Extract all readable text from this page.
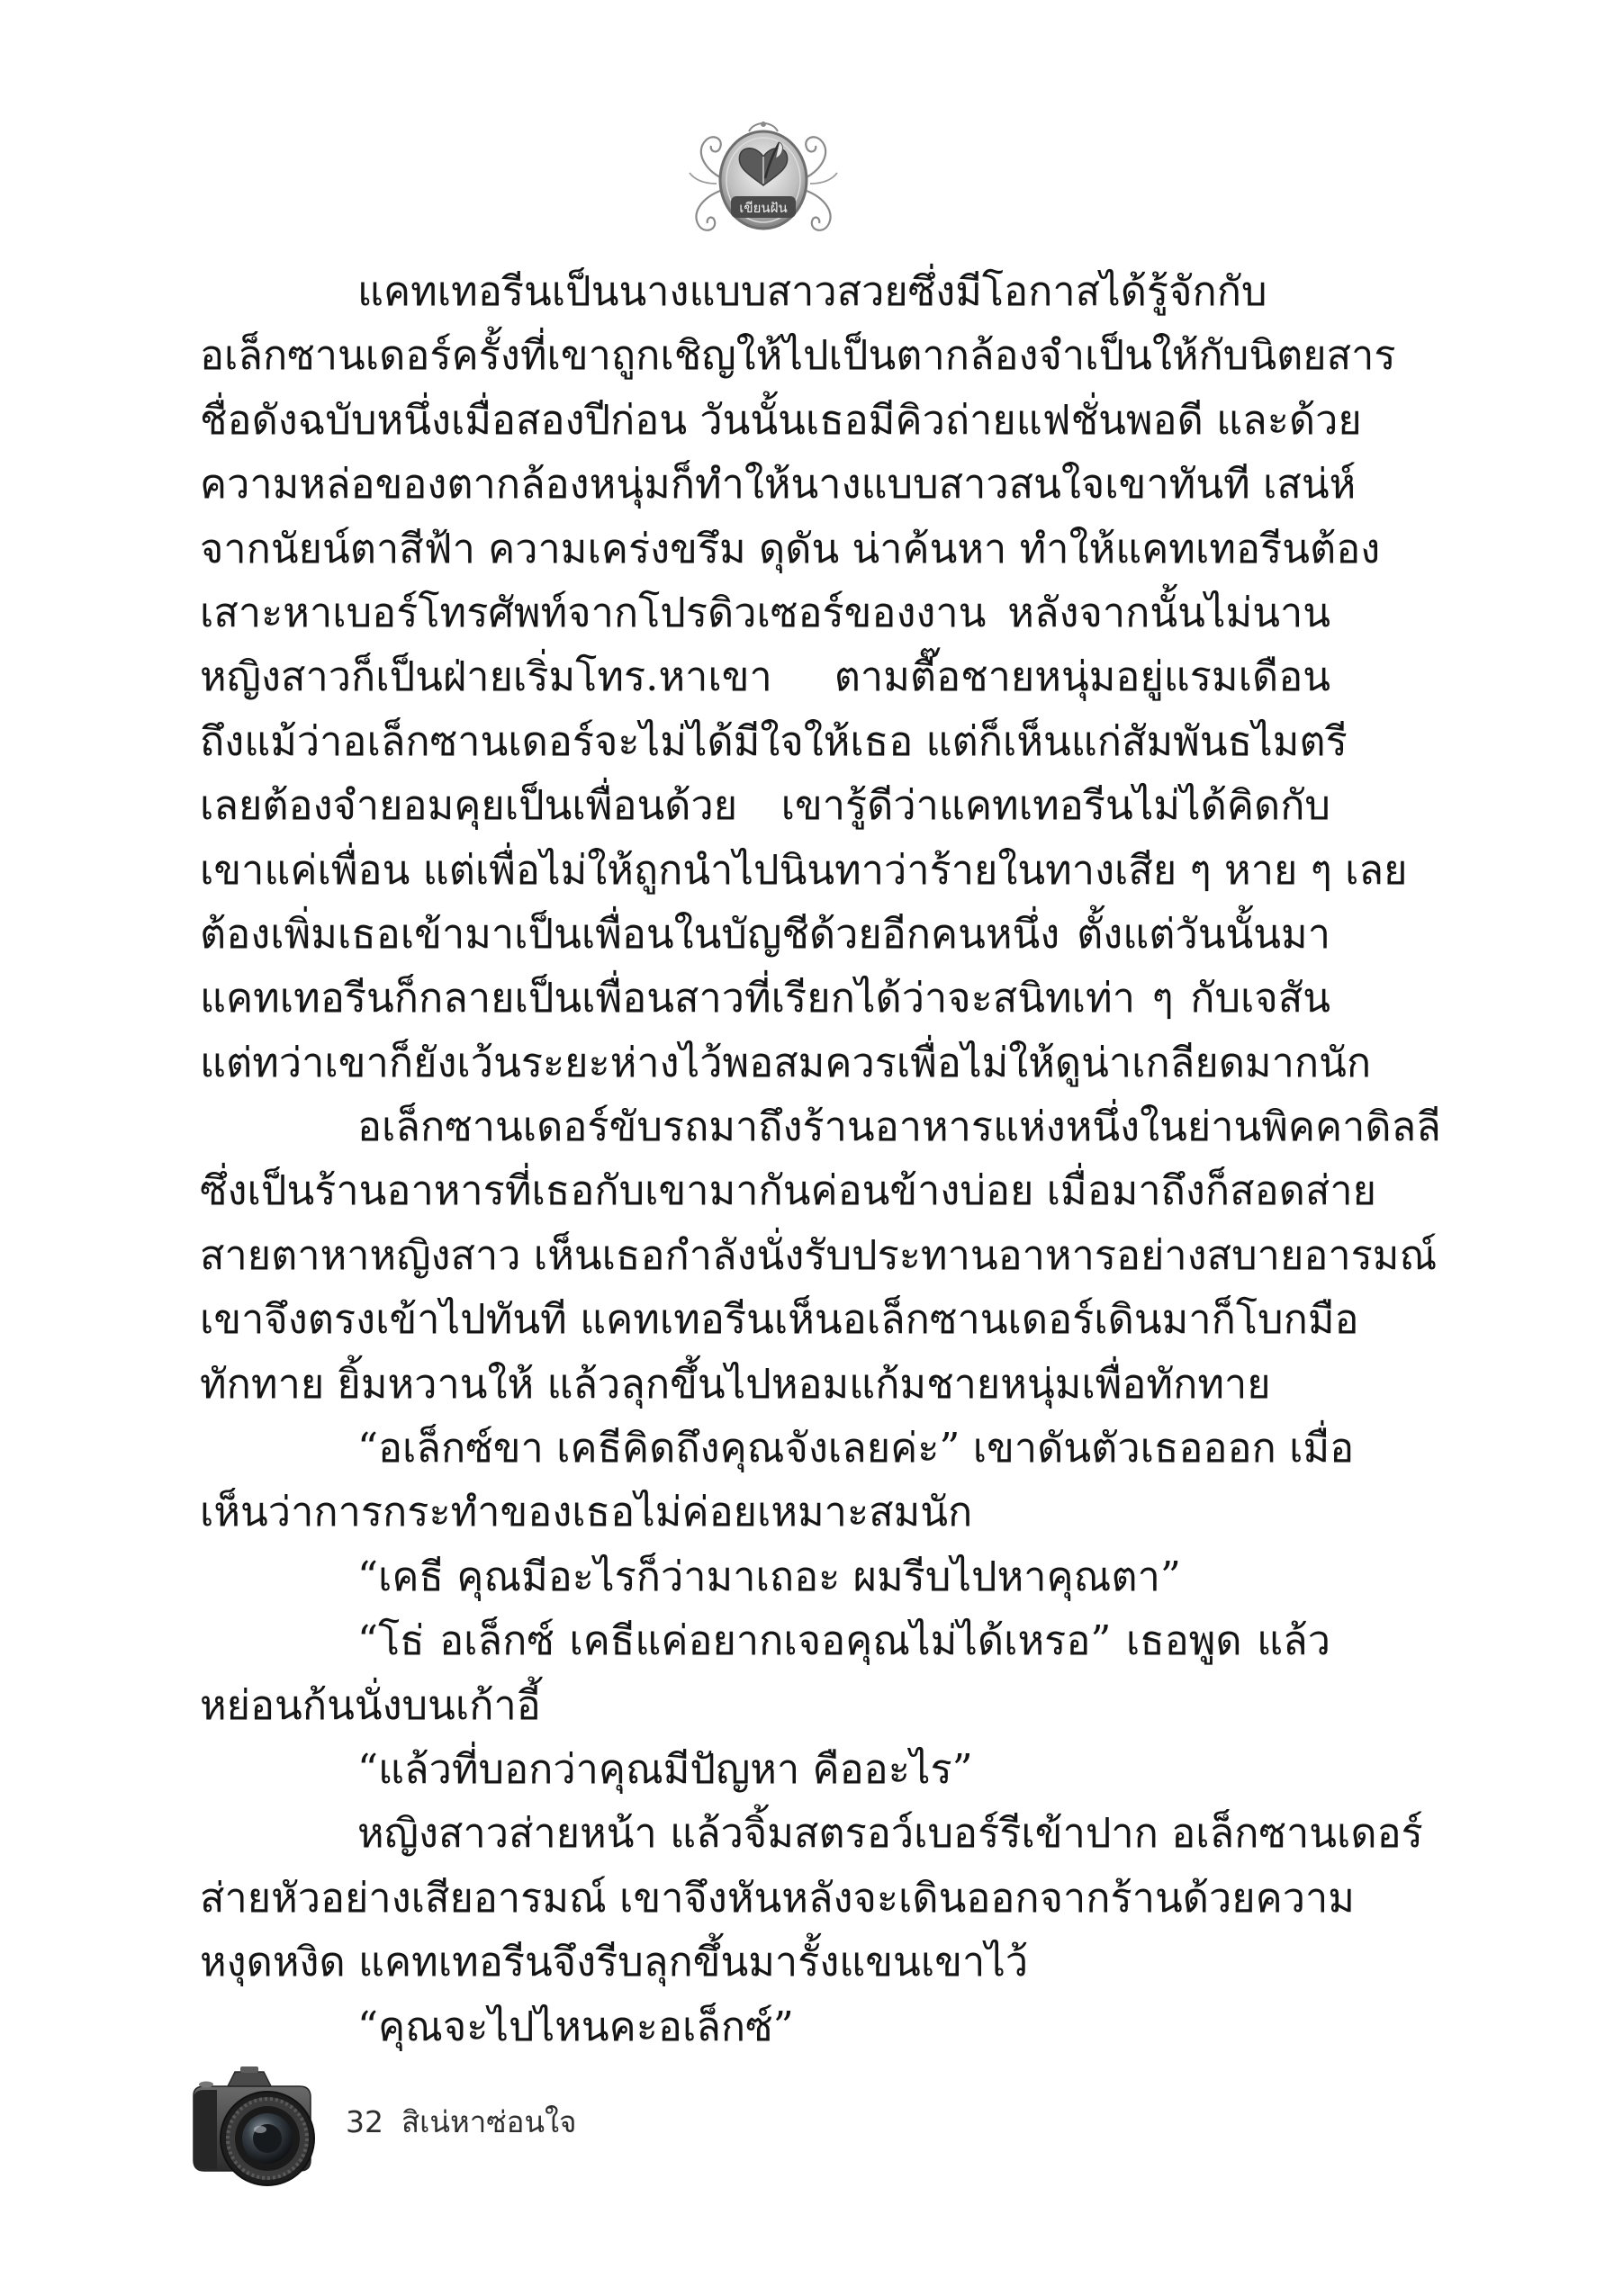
เขียนฝัน
แคทเทอรีนเป็นนางแบบสาวสวยซึ่งมีโอกาสได้รู้จักกับ
อเล็กซานเดอร์ครั้งที่เขาถูกเชิญให้ไปเป็นตากล้องจำเป็นให้กับนิตยสาร
ชื่อดังฉบับหนึ่งเมื่อสองปีก่อน วันนั้นเธอมีคิวถ่ายแฟชั่นพอดี และด้วย
ความหล่อของตากล้องหนุ่มก็ทำให้นางแบบสาวสนใจเขาทันที เสน่ห์
จากนัยน์ตาสีฟ้า ความเคร่งขรึม ดุดัน น่าค้นหา ทำให้แคทเทอรีนต้อง
เสาะหาเบอร์โทรศัพท์จากโปรดิวเซอร์ของงาน หลังจากนั้นไม่นาน
หญิงสาวก็เป็นฝ่ายเริ่มโทร.หาเขา ตามตื๊อชายหนุ่มอยู่แรมเดือน
ถึงแม้ว่าอเล็กซานเดอร์จะไม่ได้มีใจให้เธอ แต่ก็เห็นแก่สัมพันธไมตรี
เลยต้องจำยอมคุยเป็นเพื่อนด้วย เขารู้ดีว่าแคทเทอรีนไม่ได้คิดกับ
เขาแค่เพื่อน แต่เพื่อไม่ให้ถูกนำไปนินทาว่าร้ายในทางเสีย ๆ หาย ๆ เลย
ต้องเพิ่มเธอเข้ามาเป็นเพื่อนในบัญชีด้วยอีกคนหนึ่ง ตั้งแต่วันนั้นมา
แคทเทอรีนก็กลายเป็นเพื่อนสาวที่เรียกได้ว่าจะสนิทเท่า ๆ กับเจสัน
แต่ทว่าเขาก็ยังเว้นระยะห่างไว้พอสมควรเพื่อไม่ให้ดูน่าเกลียดมากนัก
อเล็กซานเดอร์ขับรถมาถึงร้านอาหารแห่งหนึ่งในย่านพิคคาดิลลี
ซึ่งเป็นร้านอาหารที่เธอกับเขามากันค่อนข้างบ่อย เมื่อมาถึงก็สอดส่าย
สายตาหาหญิงสาว เห็นเธอกำลังนั่งรับประทานอาหารอย่างสบายอารมณ์
เขาจึงตรงเข้าไปทันที แคทเทอรีนเห็นอเล็กซานเดอร์เดินมาก็โบกมือ
ทักทาย ยิ้มหวานให้ แล้วลุกขึ้นไปหอมแก้มชายหนุ่มเพื่อทักทาย
“อเล็กซ์ขา เคธีคิดถึงคุณจังเลยค่ะ” เขาดันตัวเธอออก เมื่อ
เห็นว่าการกระทำของเธอไม่ค่อยเหมาะสมนัก
“เคธี คุณมีอะไรก็ว่ามาเถอะ ผมรีบไปหาคุณตา”
“โธ่ อเล็กซ์ เคธีแค่อยากเจอคุณไม่ได้เหรอ” เธอพูด แล้ว
หย่อนก้นนั่งบนเก้าอี้
“แล้วที่บอกว่าคุณมีปัญหา คืออะไร”
หญิงสาวส่ายหน้า แล้วจิ้มสตรอว์เบอร์รีเข้าปาก อเล็กซานเดอร์
ส่ายหัวอย่างเสียอารมณ์ เขาจึงหันหลังจะเดินออกจากร้านด้วยความ
หงุดหงิด แคทเทอรีนจึงรีบลุกขึ้นมารั้งแขนเขาไว้
“คุณจะไปไหนคะอเล็กซ์”
32 สิเน่หาซ่อนใจ
